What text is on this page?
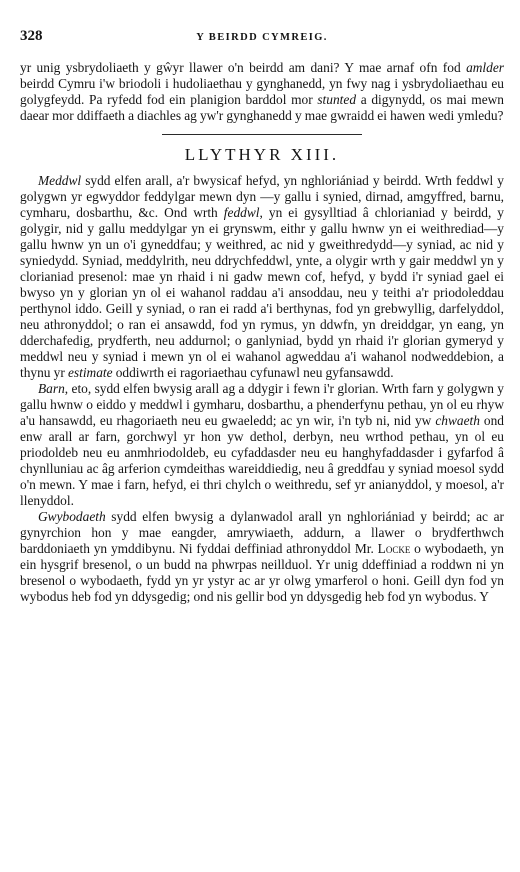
328	Y BEIRDD CYMREIG.

yr unig ysbrydoliaeth y gŵyr llawer o'n beirdd am dani? Y mae arnaf ofn fod amlder beirdd Cymru i'w briodoli i hudoliaethau y gynghanedd, yn fwy nag i ysbrydoliaethau eu golygfeydd. Pa ryfedd fod ein planigion barddol mor stunted a digynydd, os mai mewn daear mor ddiffaeth a diachles ag yw'r gynghanedd y mae gwraidd ei hawen wedi ymledu?

LLYTHYR XIII.

Meddwl sydd elfen arall, a'r bwysicaf hefyd, yn nghloriániad y beirdd. Wrth feddwl y golygwn yr egwyddor feddylgar mewn dyn —y gallu i synied, dirnad, amgyffred, barnu, cymharu, dosbarthu, &c. Ond wrth feddwl, yn ei gysylltiad â chlorianiad y beirdd, y golygir, nid y gallu meddylgar yn ei grynswm, eithr y gallu hwnw yn ei weithrediad—y gallu hwnw yn un o'i gyneddfau; y weithred, ac nid y gweithredydd—y syniad, ac nid y syniedydd. Syniad, meddylrith, neu ddrychfeddwl, ynte, a olygir wrth y gair meddwl yn y clorianiad presenol: mae yn rhaid i ni gadw mewn cof, hefyd, y bydd i'r syniad gael ei bwyso yn y glorian yn ol ei wahanol raddau a'i ansoddau, neu y teithi a'r priodoleddau perthynol iddo. Geill y syniad, o ran ei radd a'i berthynas, fod yn grebwyllig, darfelyddol, neu athronyddol; o ran ei ansawdd, fod yn rymus, yn ddwfn, yn dreiddgar, yn eang, yn dderchafedig, prydferth, neu addurnol; o ganlyniad, bydd yn rhaid i'r glorian gymeryd y meddwl neu y syniad i mewn yn ol ei wahanol agweddau a'i wahanol nodweddebion, a thynu yr estimate oddiwrth ei ragoriaethau cyfunawl neu gyfansawdd.

Barn, eto, sydd elfen bwysig arall ag a ddygir i fewn i'r glorian. Wrth farn y golygwn y gallu hwnw o eiddo y meddwl i gymharu, dosbarthu, a phenderfynu pethau, yn ol eu rhyw a'u hansawdd, eu rhagoriaeth neu eu gwaeledd; ac yn wir, i'n tyb ni, nid yw chwaeth ond enw arall ar farn, gorchwyl yr hon yw dethol, derbyn, neu wrthod pethau, yn ol eu priodoldeb neu eu anmhriodoldeb, eu cyfaddasder neu eu hanghyfaddasder i gyfarfod â chynlluniau ac âg arferion cymdeithas wareiddiedig, neu â greddfau y syniad moesol sydd o'n mewn. Y mae i farn, hefyd, ei thri chylch o weithredu, sef yr anianyddol, y moesol, a'r llenyddol.

Gwybodaeth sydd elfen bwysig a dylanwadol arall yn nghloriániad y beirdd; ac ar gynyrchion hon y mae eangder, amrywiaeth, addurn, a llawer o brydferthwch barddoniaeth yn ymddibynu. Ni fyddai deffiniad athronyddol Mr. Locke o wybodaeth, yn ein hysgrif bresenol, o un budd na phwrpas neillduol. Yr unig ddeffiniad a roddwn ni yn bresenol o wybodaeth, fydd yn yr ystyr ac ar yr olwg ymarferol o honi. Geill dyn fod yn wybodus heb fod yn ddysgedig; ond nis gellir bod yn ddysgedig heb fod yn wybodus. Y
